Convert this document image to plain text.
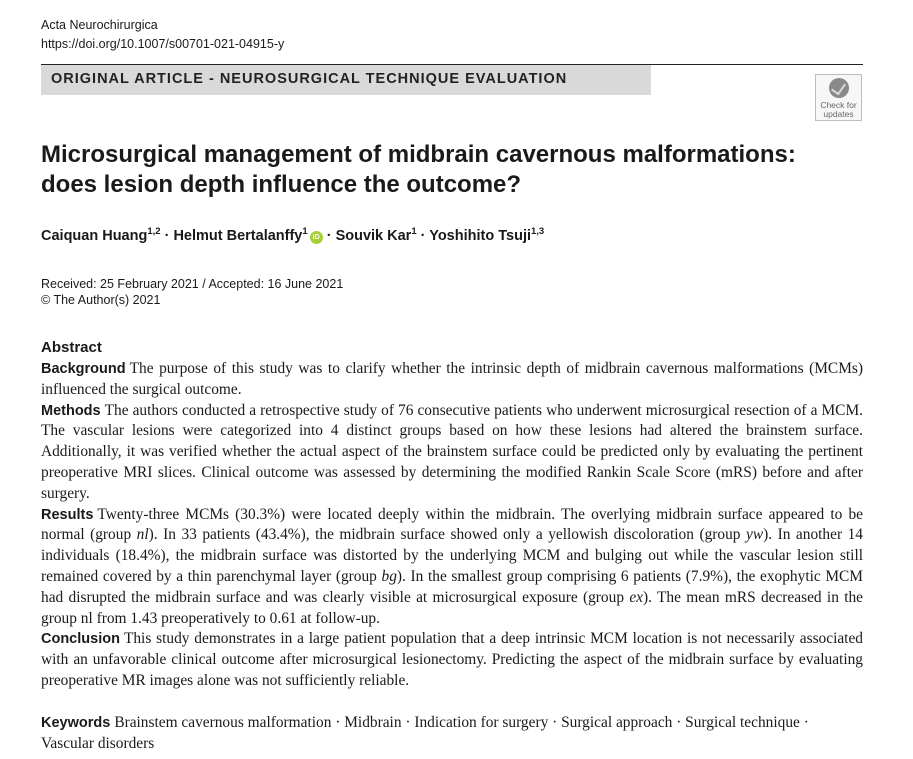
Acta Neurochirurgica
https://doi.org/10.1007/s00701-021-04915-y
ORIGINAL ARTICLE - NEUROSURGICAL TECHNIQUE EVALUATION
Check for
updates
Microsurgical management of midbrain cavernous malformations:
does lesion depth influence the outcome?
Caiquan Huang$^{1,2}$ · Helmut Bertalanffy$^1$iD · Souvik Kar$^1$ · Yoshihito Tsuji$^{1,3}$
Received: 25 February 2021 / Accepted: 16 June 2021
© The Author(s) 2021
Abstract

Background The purpose of this study was to clarify whether the intrinsic depth of midbrain cavernous malformations (MCMs) influenced the surgical outcome.

Methods The authors conducted a retrospective study of 76 consecutive patients who underwent microsurgical resection of a MCM. The vascular lesions were categorized into 4 distinct groups based on how these lesions had altered the brainstem surface. Additionally, it was verified whether the actual aspect of the brainstem surface could be predicted only by evaluating the pertinent preoperative MRI slices. Clinical outcome was assessed by determining the modified Rankin Scale Score (mRS) before and after surgery.

Results Twenty-three MCMs (30.3%) were located deeply within the midbrain. The overlying midbrain surface appeared to be normal (group nl). In 33 patients (43.4%), the midbrain surface showed only a yellowish discoloration (group yw). In another 14 individuals (18.4%), the midbrain surface was distorted by the underlying MCM and bulging out while the vascular lesion still remained covered by a thin parenchymal layer (group bg). In the smallest group comprising 6 patients (7.9%), the exophytic MCM had disrupted the midbrain surface and was clearly visible at microsurgical exposure (group ex). The mean mRS decreased in the group nl from 1.43 preoperatively to 0.61 at follow-up.

Conclusion This study demonstrates in a large patient population that a deep intrinsic MCM location is not necessarily associated with an unfavorable clinical outcome after microsurgical lesionectomy. Predicting the aspect of the midbrain surface by evaluating preoperative MR images alone was not sufficiently reliable.

Keywords Brainstem cavernous malformation · Midbrain · Indication for surgery · Surgical approach · Surgical technique · Vascular disorders
